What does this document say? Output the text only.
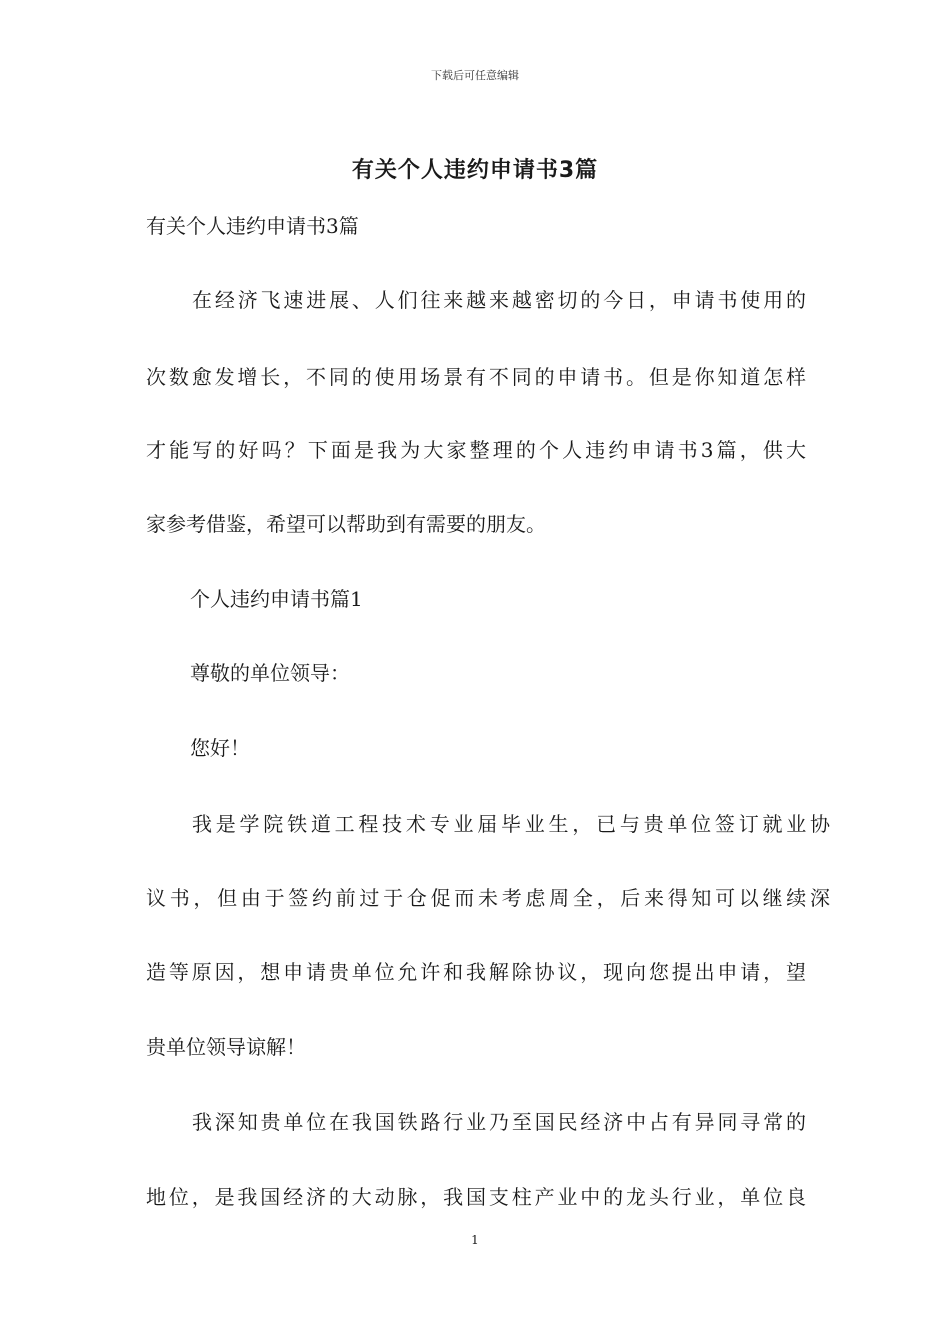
下载后可任意编辑
有关个人违约申请书3篇
有关个人违约申请书3篇
在经济飞速进展、人们往来越来越密切的今日，申请书使用的
次数愈发增长，不同的使用场景有不同的申请书。但是你知道怎样
才能写的好吗？下面是我为大家整理的个人违约申请书3篇，供大
家参考借鉴，希望可以帮助到有需要的朋友。
个人违约申请书篇1
尊敬的单位领导：
您好！
我是学院铁道工程技术专业届毕业生，已与贵单位签订就业协
议书，但由于签约前过于仓促而未考虑周全，后来得知可以继续深
造等原因，想申请贵单位允许和我解除协议，现向您提出申请，望
贵单位领导谅解！
我深知贵单位在我国铁路行业乃至国民经济中占有异同寻常的
地位，是我国经济的大动脉，我国支柱产业中的龙头行业，单位良
1
